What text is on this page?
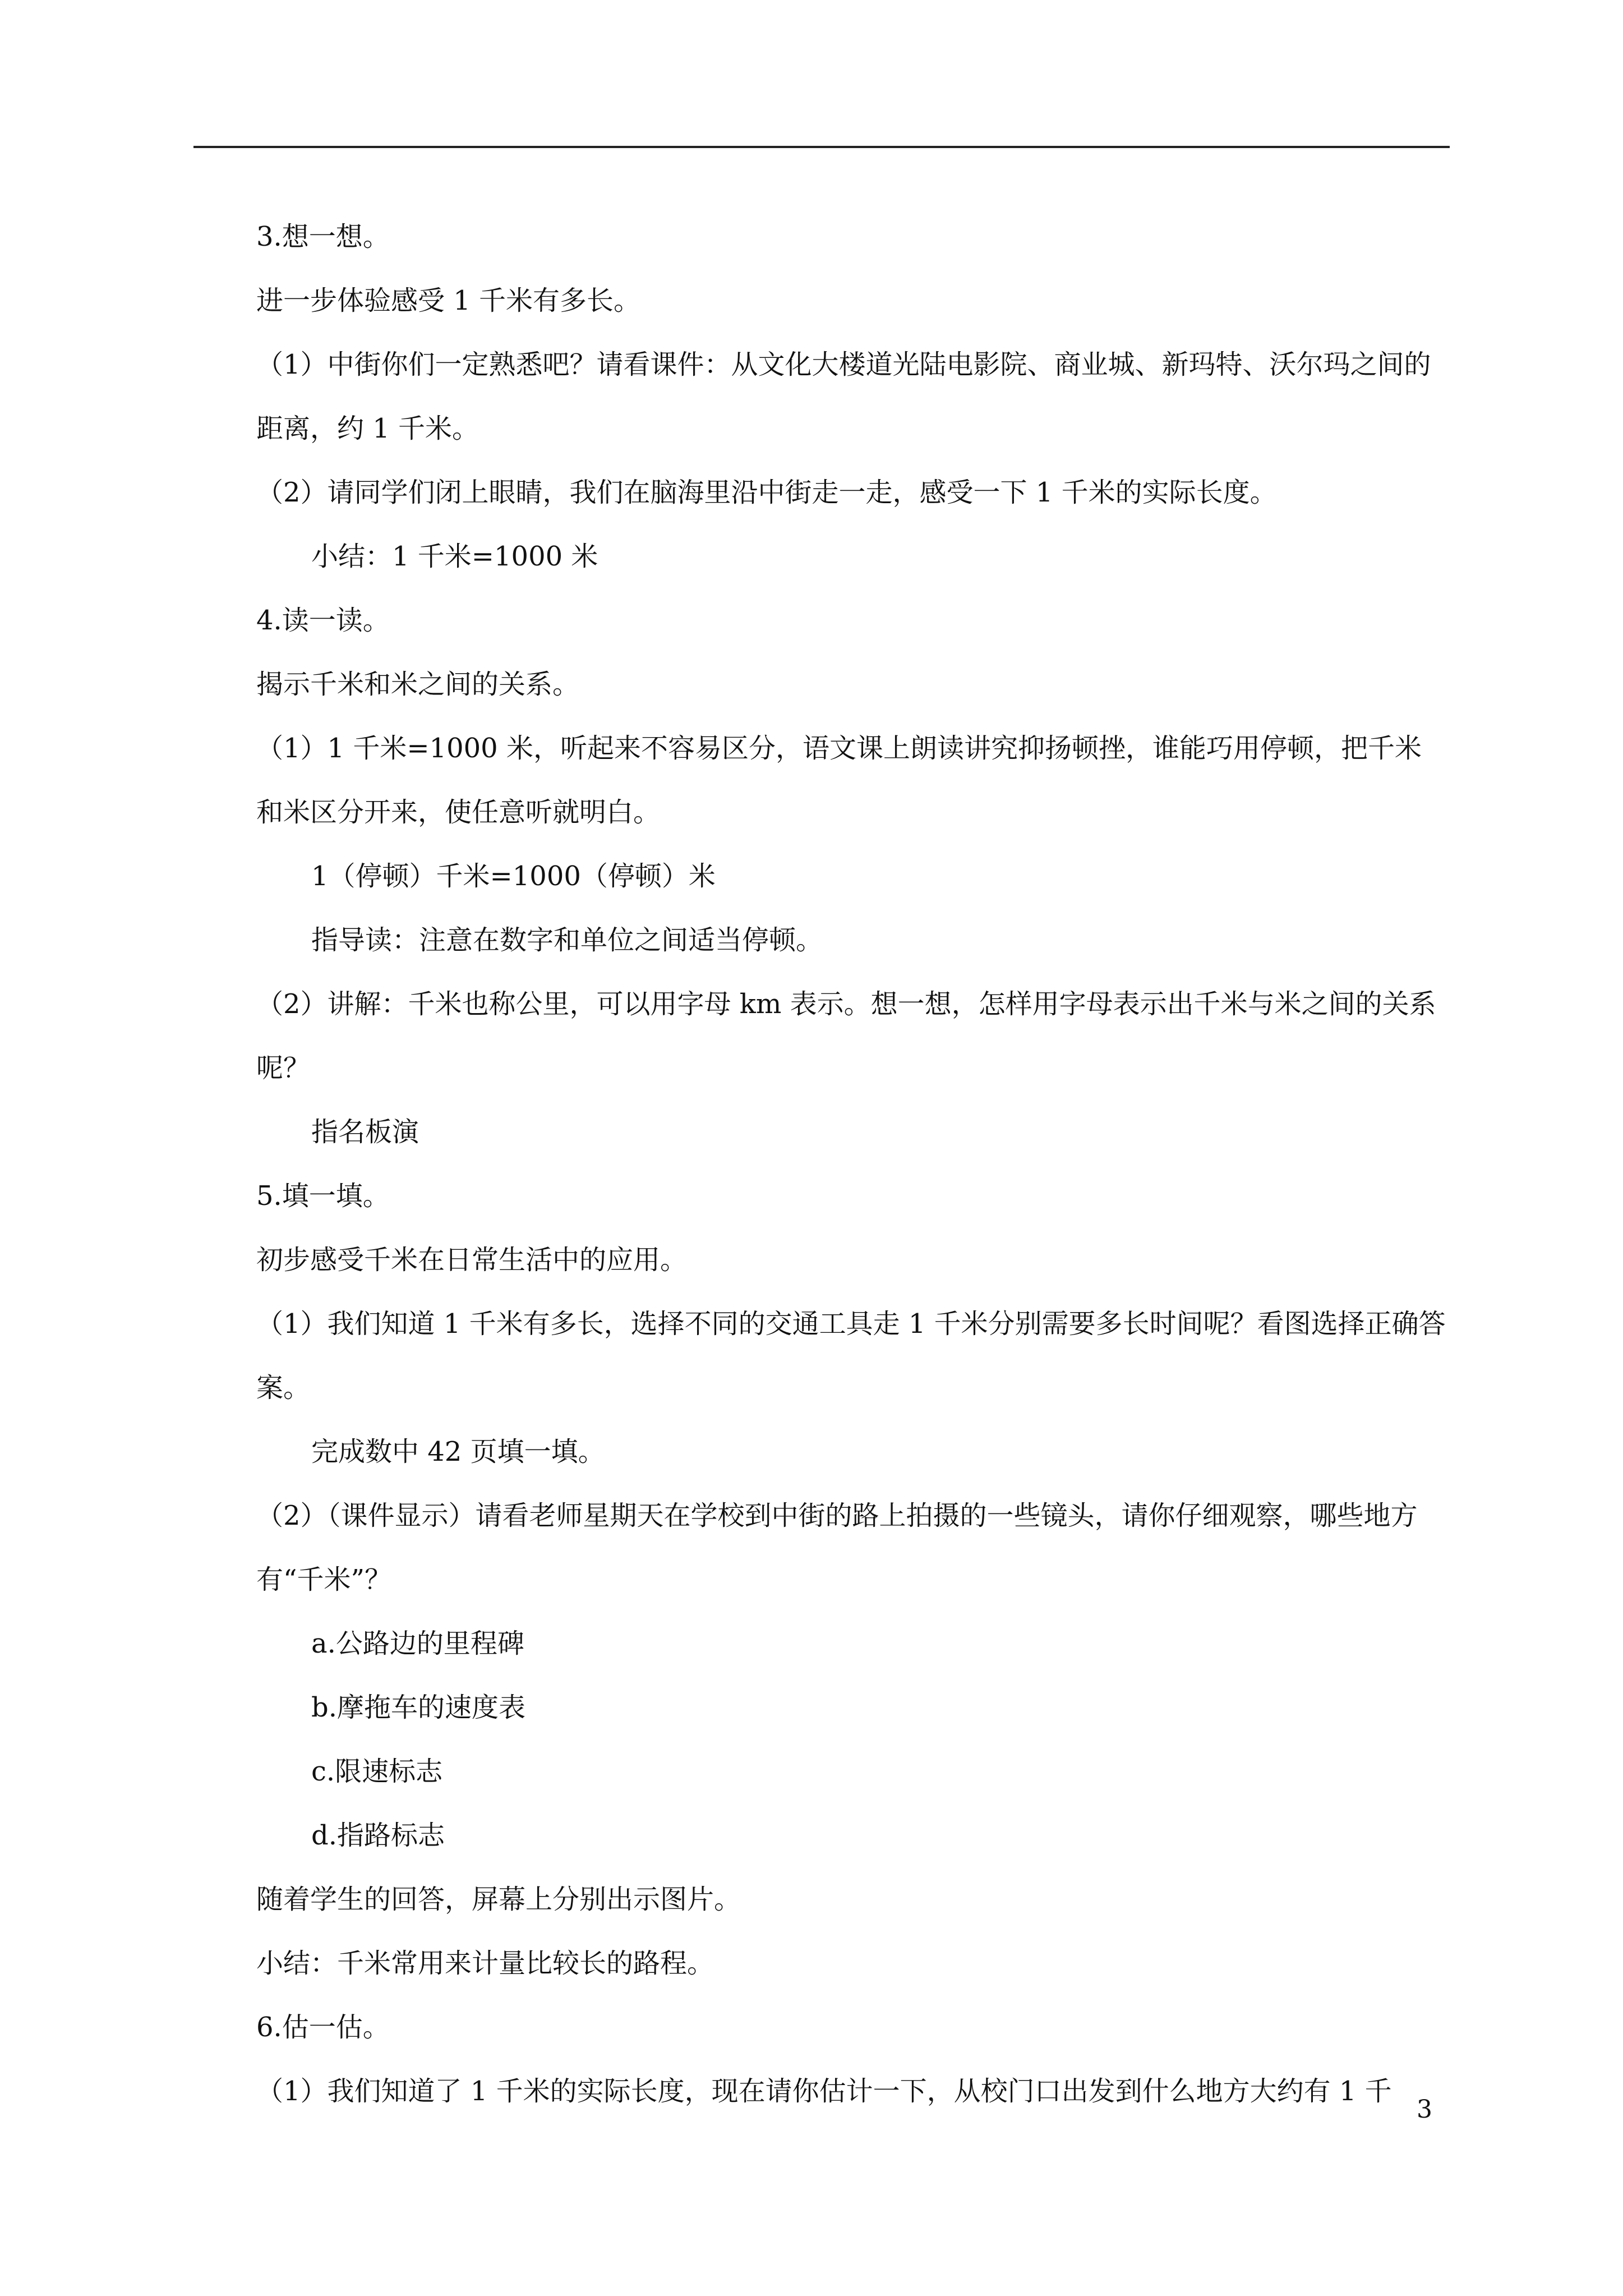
3.想一想。
进一步体验感受 1 千米有多长。
（1）中街你们一定熟悉吧？请看课件：从文化大楼道光陆电影院、商业城、新玛特、沃尔玛之间的距离，约 1 千米。
（2）请同学们闭上眼睛，我们在脑海里沿中街走一走，感受一下 1 千米的实际长度。
小结：1 千米=1000 米
4.读一读。
揭示千米和米之间的关系。
（1）1 千米=1000 米，听起来不容易区分，语文课上朗读讲究抑扬顿挫，谁能巧用停顿，把千米和米区分开来，使任意听就明白。
1（停顿）千米=1000（停顿）米
指导读：注意在数字和单位之间适当停顿。
（2）讲解：千米也称公里，可以用字母 km 表示。想一想，怎样用字母表示出千米与米之间的关系呢？
指名板演
5.填一填。
初步感受千米在日常生活中的应用。
（1）我们知道 1 千米有多长，选择不同的交通工具走 1 千米分别需要多长时间呢？看图选择正确答案。
完成数中 42 页填一填。
（2）（课件显示）请看老师星期天在学校到中街的路上拍摄的一些镜头，请你仔细观察，哪些地方有“千米”？
a.公路边的里程碑
b.摩拖车的速度表
c.限速标志
d.指路标志
随着学生的回答，屏幕上分别出示图片。
小结：千米常用来计量比较长的路程。
6.估一估。
（1）我们知道了 1 千米的实际长度，现在请你估计一下，从校门口出发到什么地方大约有 1 千
3
